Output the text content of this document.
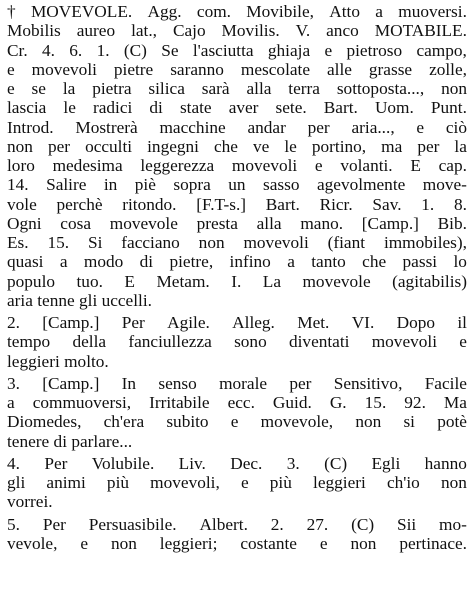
† MOVEVOLE. Agg. com. Movibile, Atto a muoversi.
Mobilis aureo lat., Cajo Movilis. V. anco MOTABILE.
Cr. 4. 6. 1. (C) Se l'asciutta ghiaja e pietroso campo,
e movevoli pietre saranno mescolate alle grasse zolle,
e se la pietra silica sarà alla terra sottoposta..., non
lascia le radici di state aver sete. Bart. Uom. Punt.
Introd. Mostrerà macchine andar per aria..., e ciò
non per occulti ingegni che ve le portino, ma per la
loro medesima leggerezza movevoli e volanti. E cap.
14. Salire in piè sopra un sasso agevolmente move-
vole perchè ritondo. [F.T-s.] Bart. Ricr. Sav. 1. 8.
Ogni cosa movevole presta alla mano. [Camp.] Bib.
Es. 15. Si facciano non movevoli (fiant immobiles),
quasi a modo di pietre, infino a tanto che passi lo
populo tuo. E Metam. I. La movevole (agitabilis)
aria
tenne
gli
uccelli.
2. [Camp.] Per Agile. Alleg. Met. VI. Dopo il
tempo della fanciullezza sono diventati movevoli e
leggieri
molto.
3. [Camp.] In senso morale per Sensitivo, Facile
a commuoversi, Irritabile ecc. Guid. G. 15. 92. Ma
Diomedes, ch'era subito e movevole, non si potè
tenere
di
parlare...
4. Per Volubile. Liv. Dec. 3. (C) Egli hanno
gli animi più movevoli, e più leggieri ch'io non
vorrei.
5. Per Persuasibile. Albert. 2. 27. (C) Sii mo-
vevole, e non leggieri; costante e non pertinace.
